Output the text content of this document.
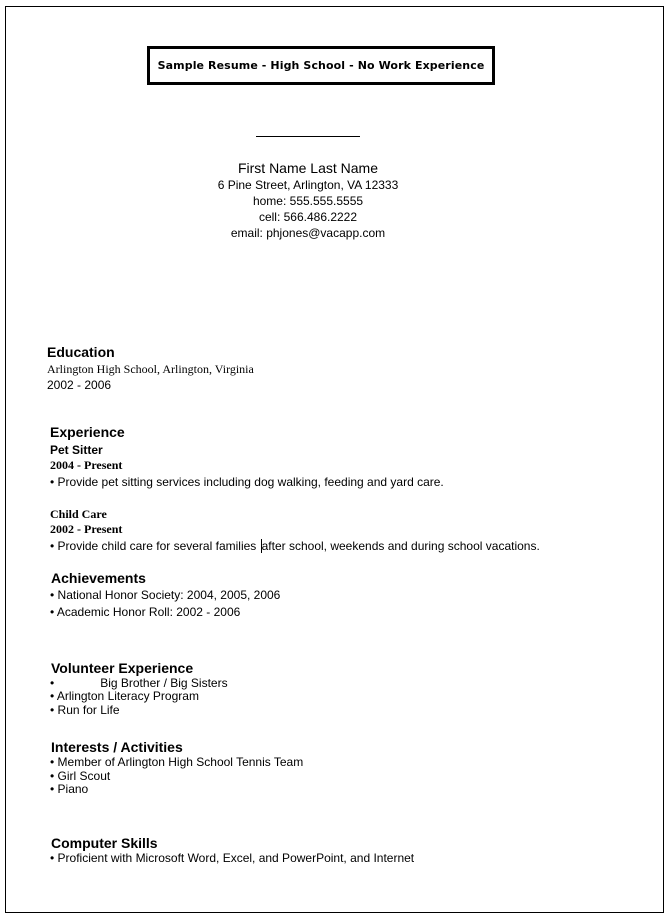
Sample Resume - High School - No Work Experience
First Name Last Name
6 Pine Street, Arlington, VA 12333
home: 555.555.5555
cell: 566.486.2222
email: phjones@vacapp.com
Education
Arlington High School, Arlington, Virginia
2002 - 2006
Experience
Pet Sitter
2004 - Present
• Provide pet sitting services including dog walking, feeding and yard care.
Child Care
2002 - Present
• Provide child care for several families after school, weekends and during school vacations.
Achievements
• National Honor Society: 2004, 2005, 2006
• Academic Honor Roll: 2002 - 2006
Volunteer Experience
•	Big Brother / Big Sisters
• Arlington Literacy Program
• Run for Life
Interests / Activities
• Member of Arlington High School Tennis Team
• Girl Scout
• Piano
Computer Skills
• Proficient with Microsoft Word, Excel, and PowerPoint, and Internet
